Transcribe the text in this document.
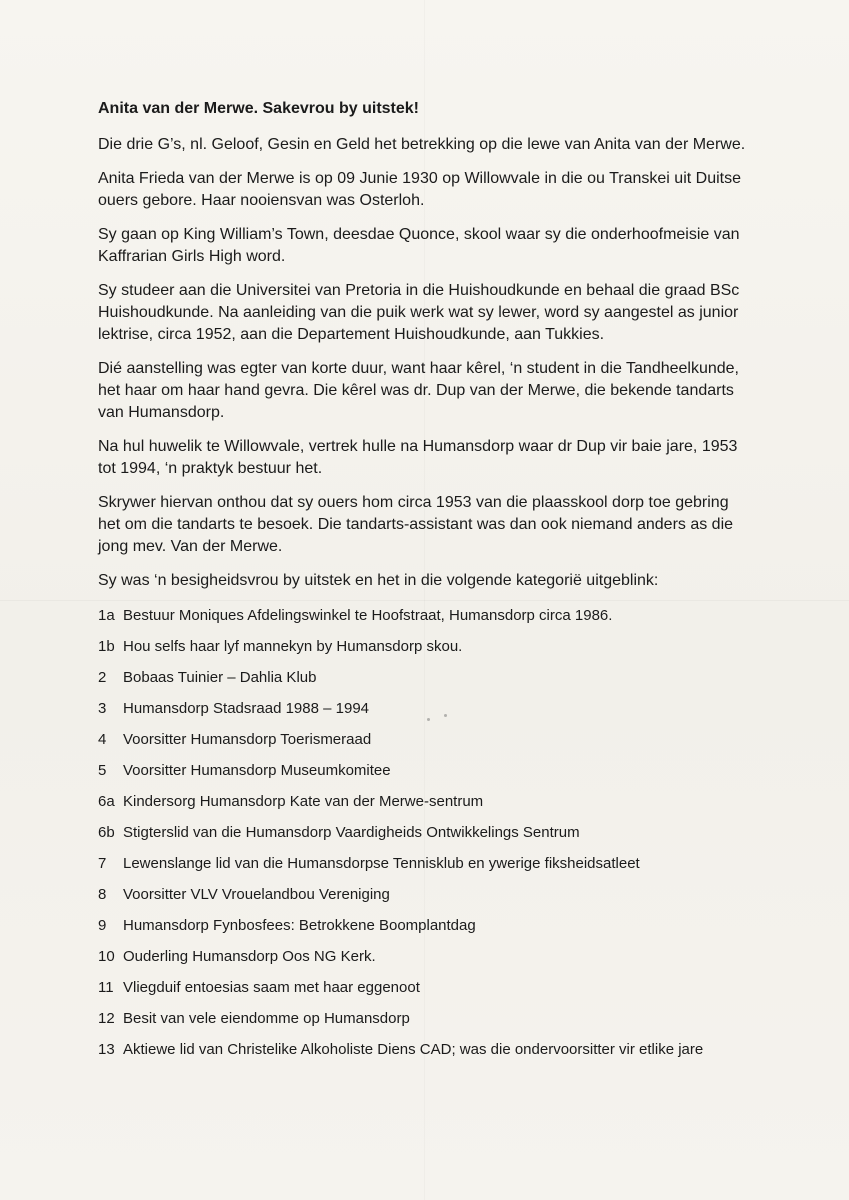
Anita van der Merwe. Sakevrou by uitstek!

Die drie G’s, nl. Geloof, Gesin en Geld het betrekking op die lewe van Anita van der Merwe.

Anita Frieda van der Merwe is op 09 Junie 1930 op Willowvale in die ou Transkei uit Duitse ouers gebore. Haar nooiensvan was Osterloh.

Sy gaan op King William’s Town, deesdae Quonce, skool waar sy die onderhoofmeisie van Kaffrarian Girls High word.

Sy studeer aan die Universitei van Pretoria in die Huishoudkunde en behaal die graad BSc Huishoudkunde. Na aanleiding van die puik werk wat sy lewer, word sy aangestel as junior lektrise, circa 1952, aan die Departement Huishoudkunde, aan Tukkies.

Dié aanstelling was egter van korte duur, want haar kêrel, ‘n student in die Tandheelkunde, het haar om haar hand gevra. Die kêrel was dr. Dup van der Merwe, die bekende tandarts van Humansdorp.

Na hul huwelik te Willowvale, vertrek hulle na Humansdorp waar dr Dup vir baie jare, 1953 tot 1994, ‘n praktyk bestuur het.

Skrywer hiervan onthou dat sy ouers hom circa 1953 van die plaasskool dorp toe gebring het om die tandarts te besoek. Die tandarts-assistant was dan ook niemand anders as die jong mev. Van der Merwe.

Sy was ‘n besigheidsvrou by uitstek en het in die volgende kategorië uitgeblink:

1a Bestuur Moniques Afdelingswinkel te Hoofstraat, Humansdorp circa 1986.
1b Hou selfs haar lyf mannekyn by Humansdorp skou.
2	Bobaas Tuinier – Dahlia Klub
3	Humansdorp Stadsraad 1988 – 1994
4	Voorsitter Humansdorp Toerismeraad
5	Voorsitter Humansdorp Museumkomitee
6a Kindersorg Humansdorp Kate van der Merwe-sentrum
6b Stigterslid van die Humansdorp Vaardigheids Ontwikkelings Sentrum
7	Lewenslange lid van die Humansdorpse Tennisklub en ywerige fiksheidsatleet
8	Voorsitter VLV Vrouelandbou Vereniging
9	Humansdorp Fynbosfees: Betrokkene Boomplantdag
10 Ouderling Humansdorp Oos NG Kerk.
11 Vliegduif entoesias saam met haar eggenoot
12 Besit van vele eiendomme op Humansdorp
13 Aktiewe lid van Christelike Alkoholiste Diens CAD; was die ondervoorsitter vir etlike jare
